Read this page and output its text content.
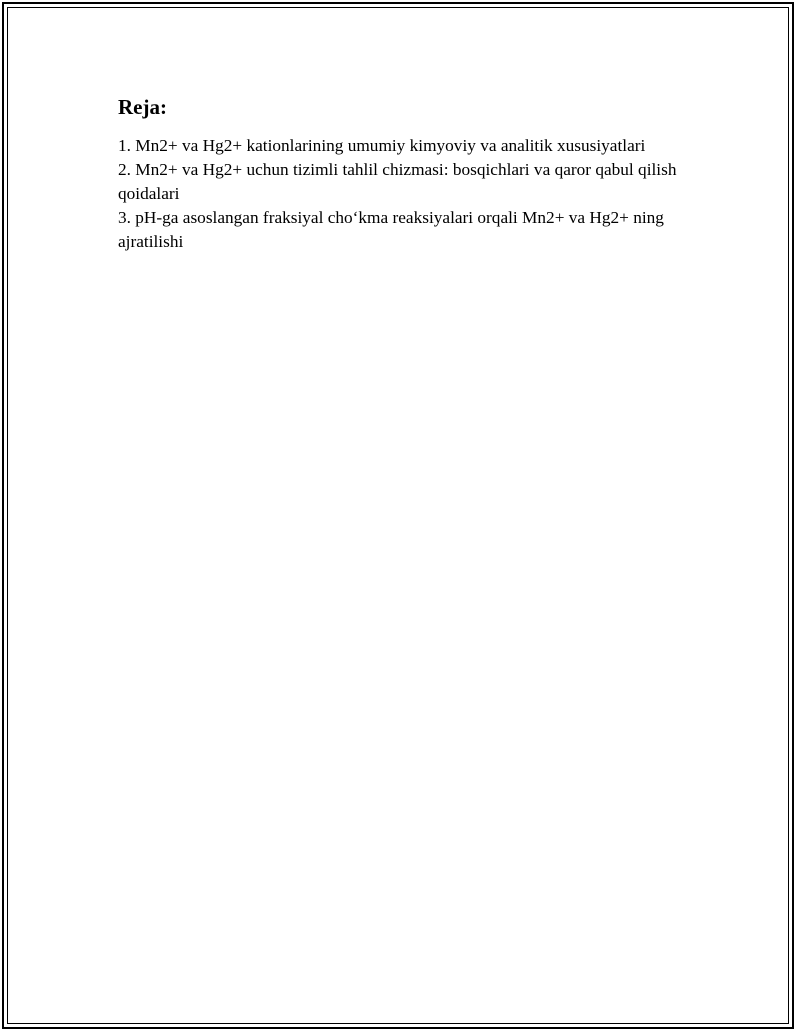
Reja:

1. Mn2+ va Hg2+ kationlarining umumiy kimyoviy va analitik xususiyatlari

2. Mn2+ va Hg2+ uchun tizimli tahlil chizmasi: bosqichlari va qaror qabul qilish qoidalari

3. pH-ga asoslangan fraksiyal choʻkma reaksiyalari orqali Mn2+ va Hg2+ ning ajratilishi
